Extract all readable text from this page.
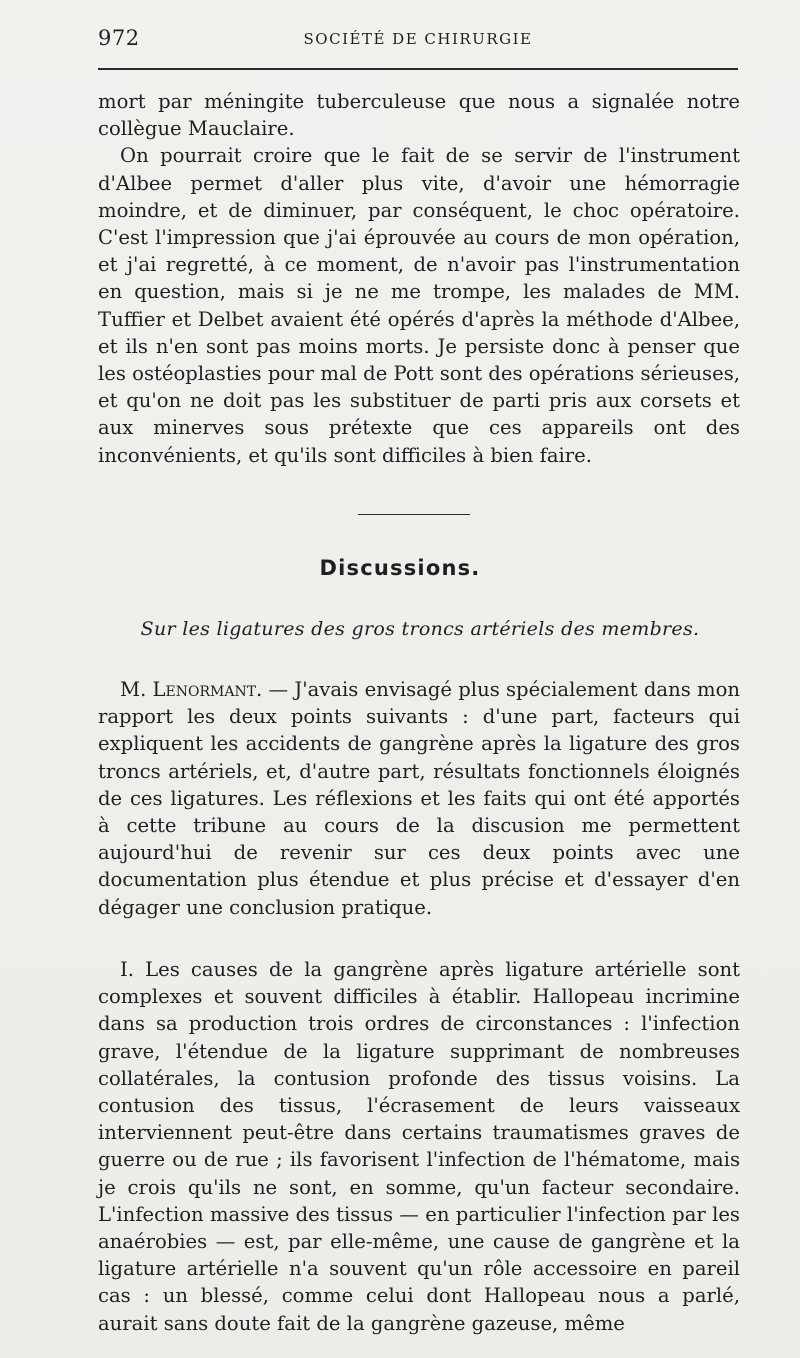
972	SOCIÉTÉ DE CHIRURGIE

mort par méningite tuberculeuse que nous a signalée notre collègue Mauclaire.

On pourrait croire que le fait de se servir de l'instrument d'Albee permet d'aller plus vite, d'avoir une hémorragie moindre, et de diminuer, par conséquent, le choc opératoire. C'est l'impression que j'ai éprouvée au cours de mon opération, et j'ai regretté, à ce moment, de n'avoir pas l'instrumentation en question, mais si je ne me trompe, les malades de MM. Tuffier et Delbet avaient été opérés d'après la méthode d'Albee, et ils n'en sont pas moins morts. Je persiste donc à penser que les ostéoplasties pour mal de Pott sont des opérations sérieuses, et qu'on ne doit pas les substituer de parti pris aux corsets et aux minerves sous prétexte que ces appareils ont des inconvénients, et qu'ils sont difficiles à bien faire.

Discussions.
Sur les ligatures des gros troncs artériels des membres.

M. Lenormant. — J'avais envisagé plus spécialement dans mon rapport les deux points suivants : d'une part, facteurs qui expliquent les accidents de gangrène après la ligature des gros troncs artériels, et, d'autre part, résultats fonctionnels éloignés de ces ligatures. Les réflexions et les faits qui ont été apportés à cette tribune au cours de la discusion me permettent aujourd'hui de revenir sur ces deux points avec une documentation plus étendue et plus précise et d'essayer d'en dégager une conclusion pratique.

I. Les causes de la gangrène après ligature artérielle sont complexes et souvent difficiles à établir. Hallopeau incrimine dans sa production trois ordres de circonstances : l'infection grave, l'étendue de la ligature supprimant de nombreuses collatérales, la contusion profonde des tissus voisins. La contusion des tissus, l'écrasement de leurs vaisseaux interviennent peut-être dans certains traumatismes graves de guerre ou de rue ; ils favorisent l'infection de l'hématome, mais je crois qu'ils ne sont, en somme, qu'un facteur secondaire. L'infection massive des tissus — en particulier l'infection par les anaérobies — est, par elle-même, une cause de gangrène et la ligature artérielle n'a souvent qu'un rôle accessoire en pareil cas : un blessé, comme celui dont Hallopeau nous a parlé, aurait sans doute fait de la gangrène gazeuse, même
